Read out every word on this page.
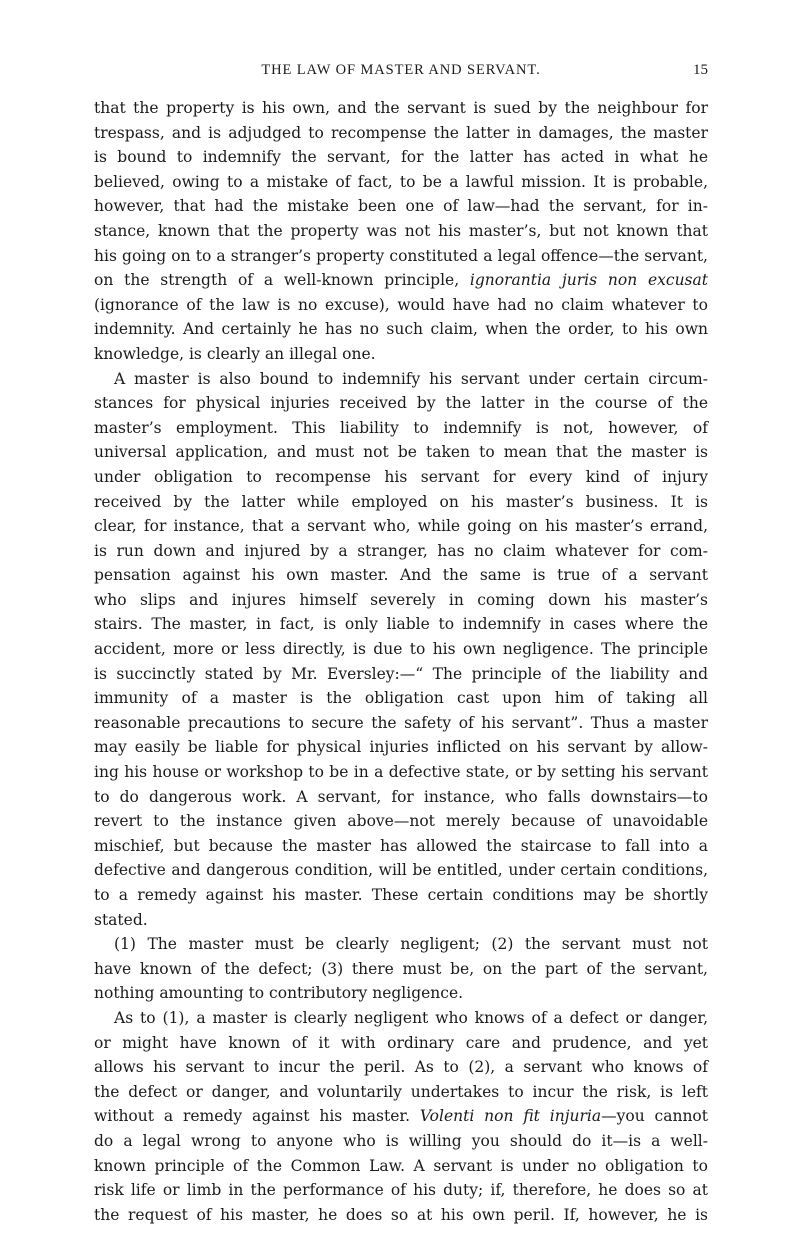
THE LAW OF MASTER AND SERVANT.	15
that the property is his own, and the servant is sued by the neighbour for
trespass, and is adjudged to recompense the latter in damages, the master
is bound to indemnify the servant, for the latter has acted in what he
believed, owing to a mistake of fact, to be a lawful mission. It is probable,
however, that had the mistake been one of law—had the servant, for in-
stance, known that the property was not his master’s, but not known that
his going on to a stranger’s property constituted a legal offence—the servant,
on the strength of a well-known principle, ignorantia juris non excusat
(ignorance of the law is no excuse), would have had no claim whatever to
indemnity. And certainly he has no such claim, when the order, to his own
knowledge, is clearly an illegal one.
A master is also bound to indemnify his servant under certain circum-
stances for physical injuries received by the latter in the course of the
master’s employment. This liability to indemnify is not, however, of
universal application, and must not be taken to mean that the master is
under obligation to recompense his servant for every kind of injury
received by the latter while employed on his master’s business. It is
clear, for instance, that a servant who, while going on his master’s errand,
is run down and injured by a stranger, has no claim whatever for com-
pensation against his own master. And the same is true of a servant
who slips and injures himself severely in coming down his master’s
stairs. The master, in fact, is only liable to indemnify in cases where the
accident, more or less directly, is due to his own negligence. The principle
is succinctly stated by Mr. Eversley:—“ The principle of the liability and
immunity of a master is the obligation cast upon him of taking all
reasonable precautions to secure the safety of his servant”. Thus a master
may easily be liable for physical injuries inflicted on his servant by allow-
ing his house or workshop to be in a defective state, or by setting his servant
to do dangerous work. A servant, for instance, who falls downstairs—to
revert to the instance given above—not merely because of unavoidable
mischief, but because the master has allowed the staircase to fall into a
defective and dangerous condition, will be entitled, under certain conditions,
to a remedy against his master. These certain conditions may be shortly
stated.
(1) The master must be clearly negligent; (2) the servant must not
have known of the defect; (3) there must be, on the part of the servant,
nothing amounting to contributory negligence.
As to (1), a master is clearly negligent who knows of a defect or danger,
or might have known of it with ordinary care and prudence, and yet
allows his servant to incur the peril. As to (2), a servant who knows of
the defect or danger, and voluntarily undertakes to incur the risk, is left
without a remedy against his master. Volenti non fit injuria—you cannot
do a legal wrong to anyone who is willing you should do it—is a well-
known principle of the Common Law. A servant is under no obligation to
risk life or limb in the performance of his duty; if, therefore, he does so at
the request of his master, he does so at his own peril. If, however, he is
